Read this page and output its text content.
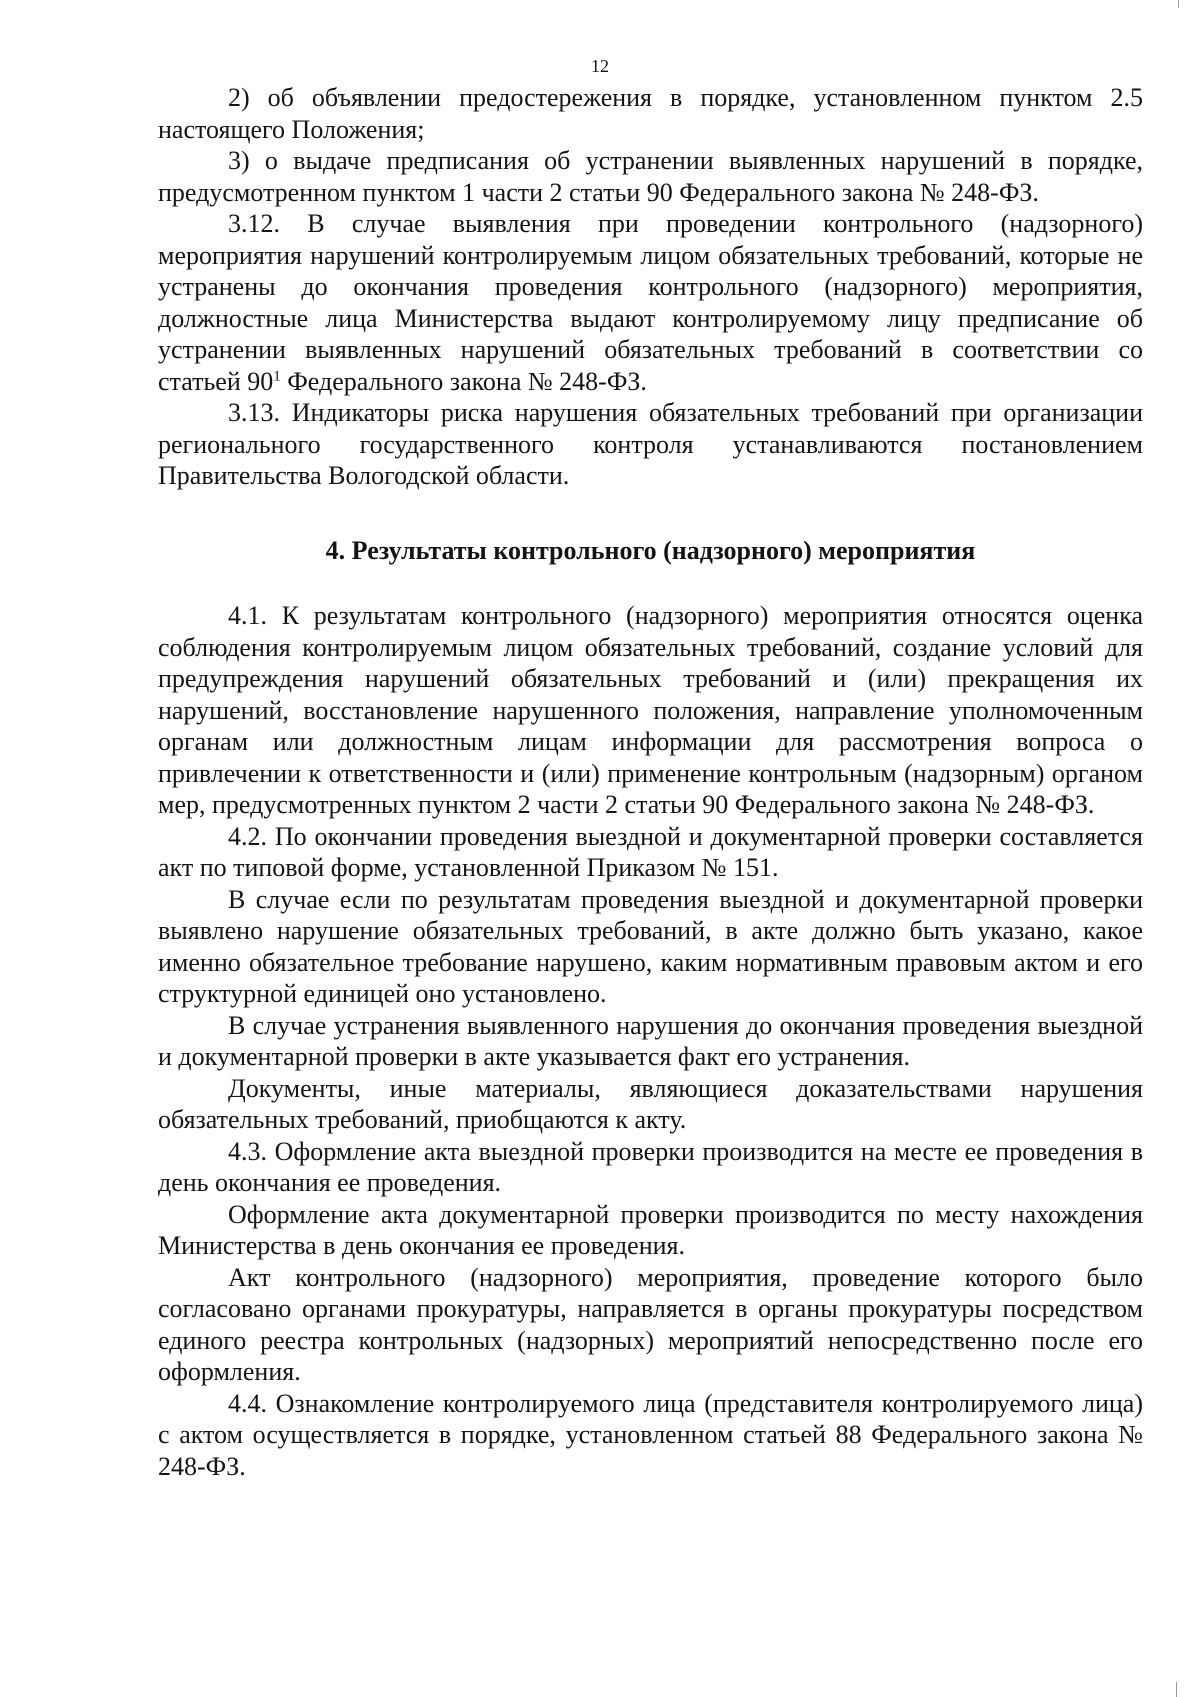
12

2) об объявлении предостережения в порядке, установленном пунктом 2.5 настоящего Положения;

3) о выдаче предписания об устранении выявленных нарушений в порядке, предусмотренном пунктом 1 части 2 статьи 90 Федерального закона № 248-ФЗ.

3.12. В случае выявления при проведении контрольного (надзорного) мероприятия нарушений контролируемым лицом обязательных требований, которые не устранены до окончания проведения контрольного (надзорного) мероприятия, должностные лица Министерства выдают контролируемому лицу предписание об устранении выявленных нарушений обязательных требований в соответствии со статьей $90^1$ Федерального закона № 248-ФЗ.

3.13. Индикаторы риска нарушения обязательных требований при организации регионального государственного контроля устанавливаются постановлением Правительства Вологодской области.

4. Результаты контрольного (надзорного) мероприятия

4.1. К результатам контрольного (надзорного) мероприятия относятся оценка соблюдения контролируемым лицом обязательных требований, создание условий для предупреждения нарушений обязательных требований и (или) прекращения их нарушений, восстановление нарушенного положения, направление уполномоченным органам или должностным лицам информации для рассмотрения вопроса о привлечении к ответственности и (или) применение контрольным (надзорным) органом мер, предусмотренных пунктом 2 части 2 статьи 90 Федерального закона № 248-ФЗ.

4.2. По окончании проведения выездной и документарной проверки составляется акт по типовой форме, установленной Приказом № 151.

В случае если по результатам проведения выездной и документарной проверки выявлено нарушение обязательных требований, в акте должно быть указано, какое именно обязательное требование нарушено, каким нормативным правовым актом и его структурной единицей оно установлено.

В случае устранения выявленного нарушения до окончания проведения выездной и документарной проверки в акте указывается факт его устранения.

Документы, иные материалы, являющиеся доказательствами нарушения обязательных требований, приобщаются к акту.

4.3. Оформление акта выездной проверки производится на месте ее проведения в день окончания ее проведения.

Оформление акта документарной проверки производится по месту нахождения Министерства в день окончания ее проведения.

Акт контрольного (надзорного) мероприятия, проведение которого было согласовано органами прокуратуры, направляется в органы прокуратуры посредством единого реестра контрольных (надзорных) мероприятий непосредственно после его оформления.

4.4. Ознакомление контролируемого лица (представителя контролируемого лица) с актом осуществляется в порядке, установленном статьей 88 Федерального закона № 248-ФЗ.
